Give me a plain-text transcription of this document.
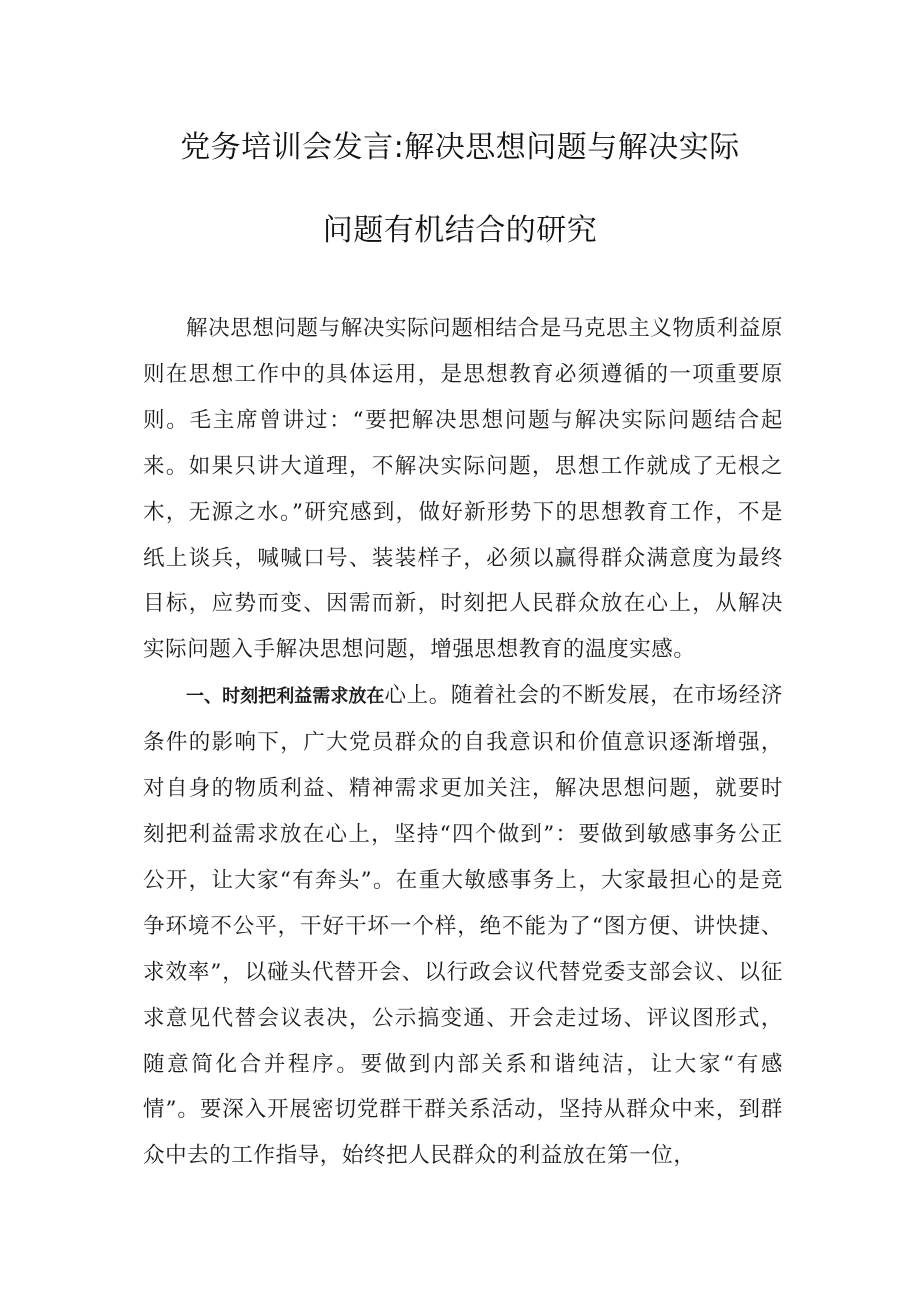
党务培训会发言:解决思想问题与解决实际
问题有机结合的研究

解决思想问题与解决实际问题相结合是马克思主义物质利益原则在思想工作中的具体运用，是思想教育必须遵循的一项重要原则。毛主席曾讲过：“要把解决思想问题与解决实际问题结合起来。如果只讲大道理，不解决实际问题，思想工作就成了无根之木，无源之水。”研究感到，做好新形势下的思想教育工作，不是纸上谈兵，喊喊口号、装装样子，必须以赢得群众满意度为最终目标，应势而变、因需而新，时刻把人民群众放在心上，从解决实际问题入手解决思想问题，增强思想教育的温度实感。

一、时刻把利益需求放在心上。随着社会的不断发展，在市场经济条件的影响下，广大党员群众的自我意识和价值意识逐渐增强，对自身的物质利益、精神需求更加关注，解决思想问题，就要时刻把利益需求放在心上，坚持“四个做到”：要做到敏感事务公正公开，让大家“有奔头”。在重大敏感事务上，大家最担心的是竞争环境不公平，干好干坏一个样，绝不能为了“图方便、讲快捷、求效率”，以碰头代替开会、以行政会议代替党委支部会议、以征求意见代替会议表决，公示搞变通、开会走过场、评议图形式，随意简化合并程序。要做到内部关系和谐纯洁，让大家“有感情”。要深入开展密切党群干群关系活动，坚持从群众中来，到群众中去的工作指导，始终把人民群众的利益放在第一位，
